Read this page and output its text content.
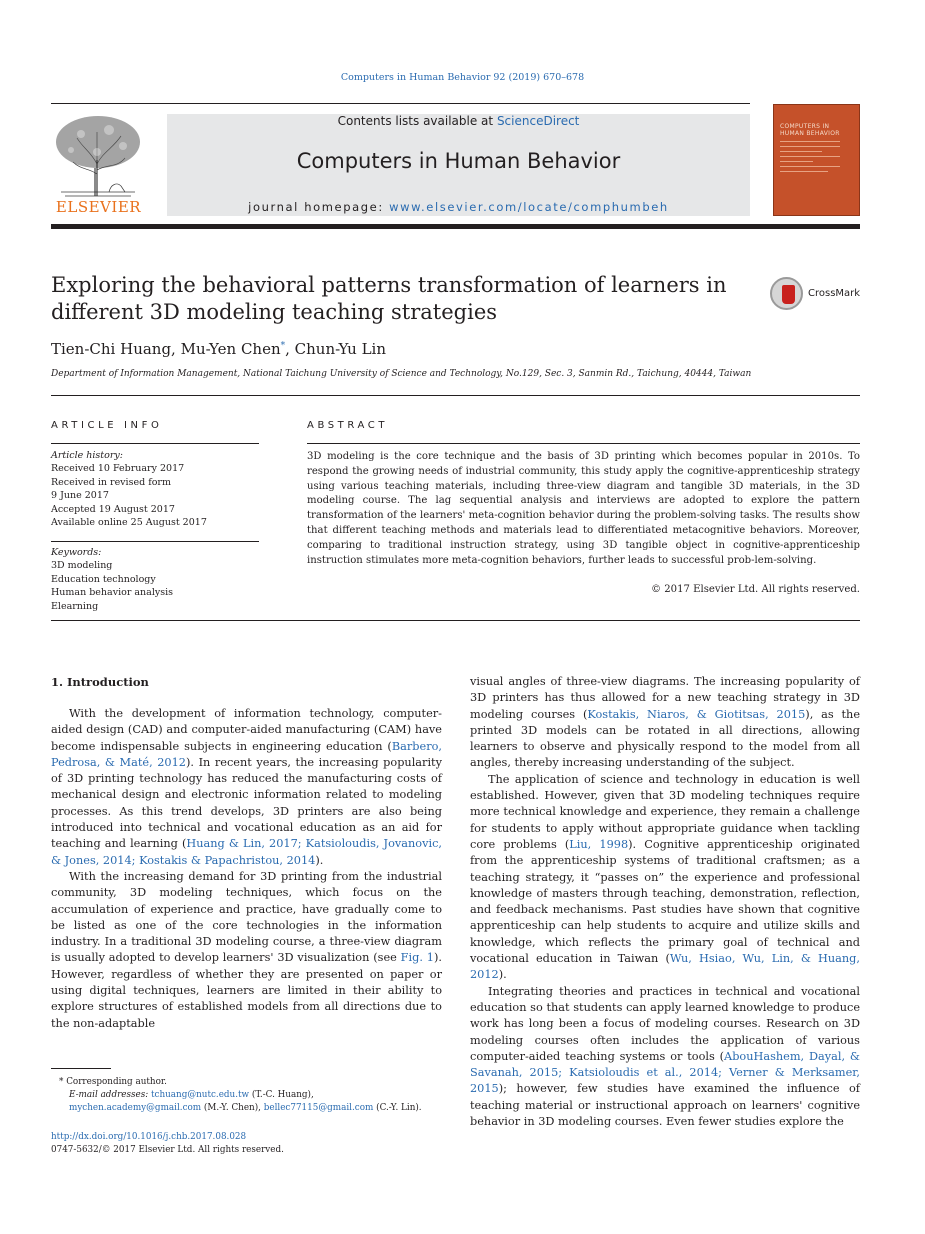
Computers in Human Behavior 92 (2019) 670–678
ELSEVIER
Contents lists available at ScienceDirect
Computers in Human Behavior
journal homepage: www.elsevier.com/locate/comphumbeh
COMPUTERS IN
HUMAN BEHAVIOR
Exploring the behavioral patterns transformation of learners in different 3D modeling teaching strategies
CrossMark
Tien-Chi Huang, Mu-Yen Chen*, Chun-Yu Lin
Department of Information Management, National Taichung University of Science and Technology, No.129, Sec. 3, Sanmin Rd., Taichung, 40444, Taiwan
ARTICLE INFO
Article history:
Received 10 February 2017
Received in revised form
9 June 2017
Accepted 19 August 2017
Available online 25 August 2017
Keywords:
3D modeling
Education technology
Human behavior analysis
Elearning
ABSTRACT
3D modeling is the core technique and the basis of 3D printing which becomes popular in 2010s. To respond the growing needs of industrial community, this study apply the cognitive-apprenticeship strategy using various teaching materials, including three-view diagram and tangible 3D materials, in the 3D modeling course. The lag sequential analysis and interviews are adopted to explore the pattern transformation of the learners' meta-cognition behavior during the problem-solving tasks. The results show that different teaching methods and materials lead to differentiated metacognitive behaviors. Moreover, comparing to traditional instruction strategy, using 3D tangible object in cognitive-apprenticeship instruction stimulates more meta-cognition behaviors, further leads to successful prob-lem-solving.
© 2017 Elsevier Ltd. All rights reserved.
1. Introduction

With the development of information technology, computer-aided design (CAD) and computer-aided manufacturing (CAM) have become indispensable subjects in engineering education (Barbero, Pedrosa, & Maté, 2012). In recent years, the increasing popularity of 3D printing technology has reduced the manufacturing costs of mechanical design and electronic information related to modeling processes. As this trend develops, 3D printers are also being introduced into technical and vocational education as an aid for teaching and learning (Huang & Lin, 2017; Katsioloudis, Jovanovic, & Jones, 2014; Kostakis & Papachristou, 2014).

With the increasing demand for 3D printing from the industrial community, 3D modeling techniques, which focus on the accumulation of experience and practice, have gradually come to be listed as one of the core technologies in the information industry. In a traditional 3D modeling course, a three-view diagram is usually adopted to develop learners' 3D visualization (see Fig. 1). However, regardless of whether they are presented on paper or using digital techniques, learners are limited in their ability to explore structures of established models from all directions due to the non-adaptable

visual angles of three-view diagrams. The increasing popularity of 3D printers has thus allowed for a new teaching strategy in 3D modeling courses (Kostakis, Niaros, & Giotitsas, 2015), as the printed 3D models can be rotated in all directions, allowing learners to observe and physically respond to the model from all angles, thereby increasing understanding of the subject.

The application of science and technology in education is well established. However, given that 3D modeling techniques require more technical knowledge and experience, they remain a challenge for students to apply without appropriate guidance when tackling core problems (Liu, 1998). Cognitive apprenticeship originated from the apprenticeship systems of traditional craftsmen; as a teaching strategy, it “passes on” the experience and professional knowledge of masters through teaching, demonstration, reflection, and feedback mechanisms. Past studies have shown that cognitive apprenticeship can help students to acquire and utilize skills and knowledge, which reflects the primary goal of technical and vocational education in Taiwan (Wu, Hsiao, Wu, Lin, & Huang, 2012).

Integrating theories and practices in technical and vocational education so that students can apply learned knowledge to produce work has long been a focus of modeling courses. Research on 3D modeling courses often includes the application of various computer-aided teaching systems or tools (AbouHashem, Dayal, & Savanah, 2015; Katsioloudis et al., 2014; Verner & Merksamer, 2015); however, few studies have examined the influence of teaching material or instructional approach on learners' cognitive behavior in 3D modeling courses. Even fewer studies explore the

* Corresponding author.
E-mail addresses: tchuang@nutc.edu.tw (T.-C. Huang), mychen.academy@gmail.com (M.-Y. Chen), bellec77115@gmail.com (C.-Y. Lin).
http://dx.doi.org/10.1016/j.chb.2017.08.028
0747-5632/© 2017 Elsevier Ltd. All rights reserved.
